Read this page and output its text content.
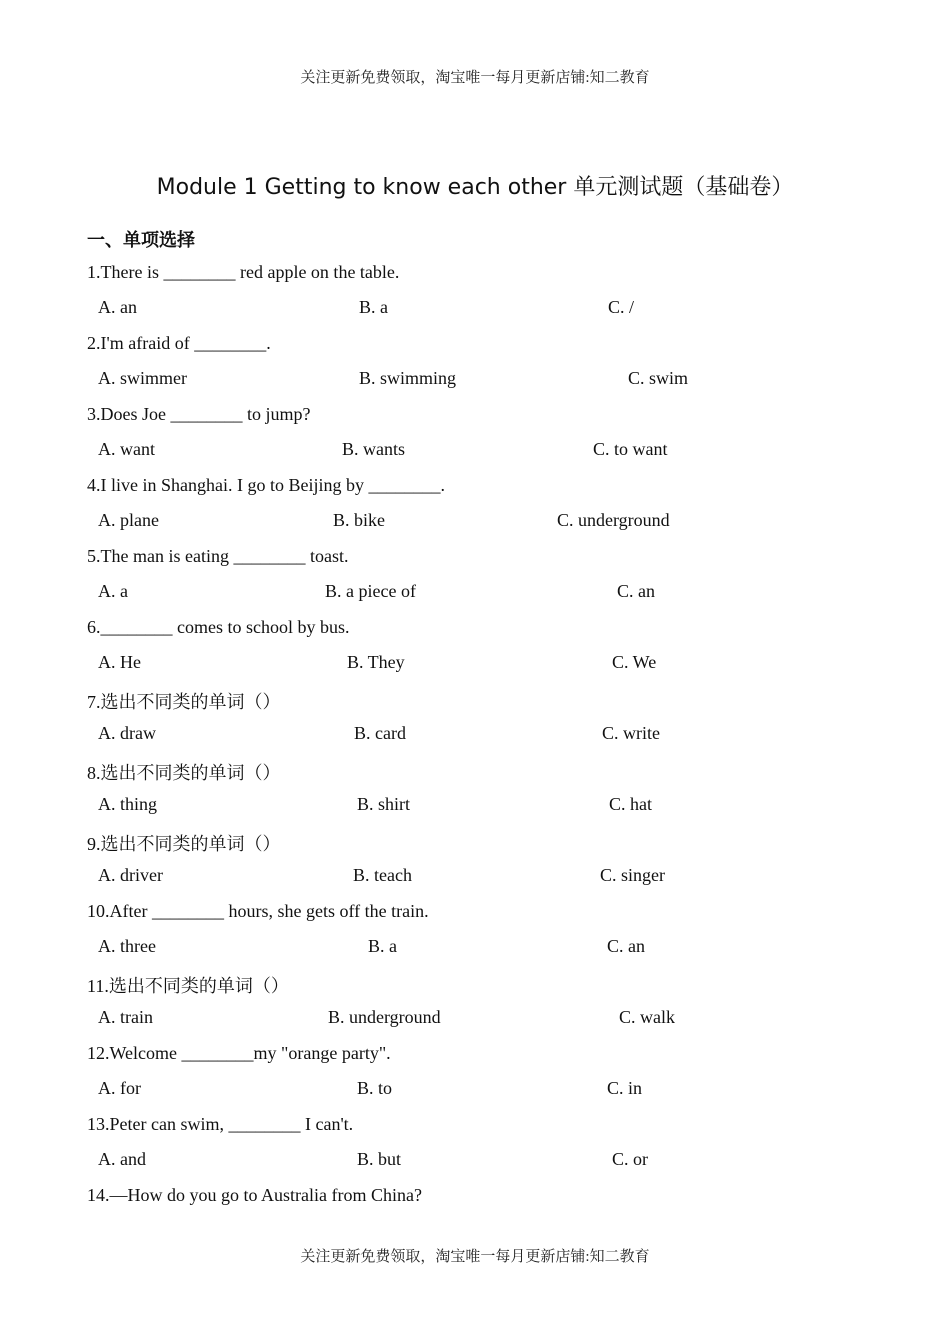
关注更新免费领取，淘宝唯一每月更新店铺:知二教育
Module 1 Getting to know each other 单元测试题（基础卷）
一、单项选择
1.There is ________ red apple on the table.
A. an	B. a	C. /
2.I'm afraid of ________.
A. swimmer	B. swimming	C. swim
3.Does Joe ________ to jump?
A. want	B. wants	C. to want
4.I live in Shanghai. I go to Beijing by ________.
A. plane	B. bike	C. underground
5.The man is eating ________ toast.
A. a	B. a piece of	C. an
6.________ comes to school by bus.
A. He	B. They	C. We
7.选出不同类的单词（）
A. draw	B. card	C. write
8.选出不同类的单词（）
A. thing	B. shirt	C. hat
9.选出不同类的单词（）
A. driver	B. teach	C. singer
10.After ________ hours, she gets off the train.
A. three	B. a	C. an
11.选出不同类的单词（）
A. train	B. underground	C. walk
12.Welcome ________my "orange party".
A. for	B. to	C. in
13.Peter can swim, ________ I can't.
A. and	B. but	C. or
14.—How do you go to Australia from China?
关注更新免费领取，淘宝唯一每月更新店铺:知二教育
